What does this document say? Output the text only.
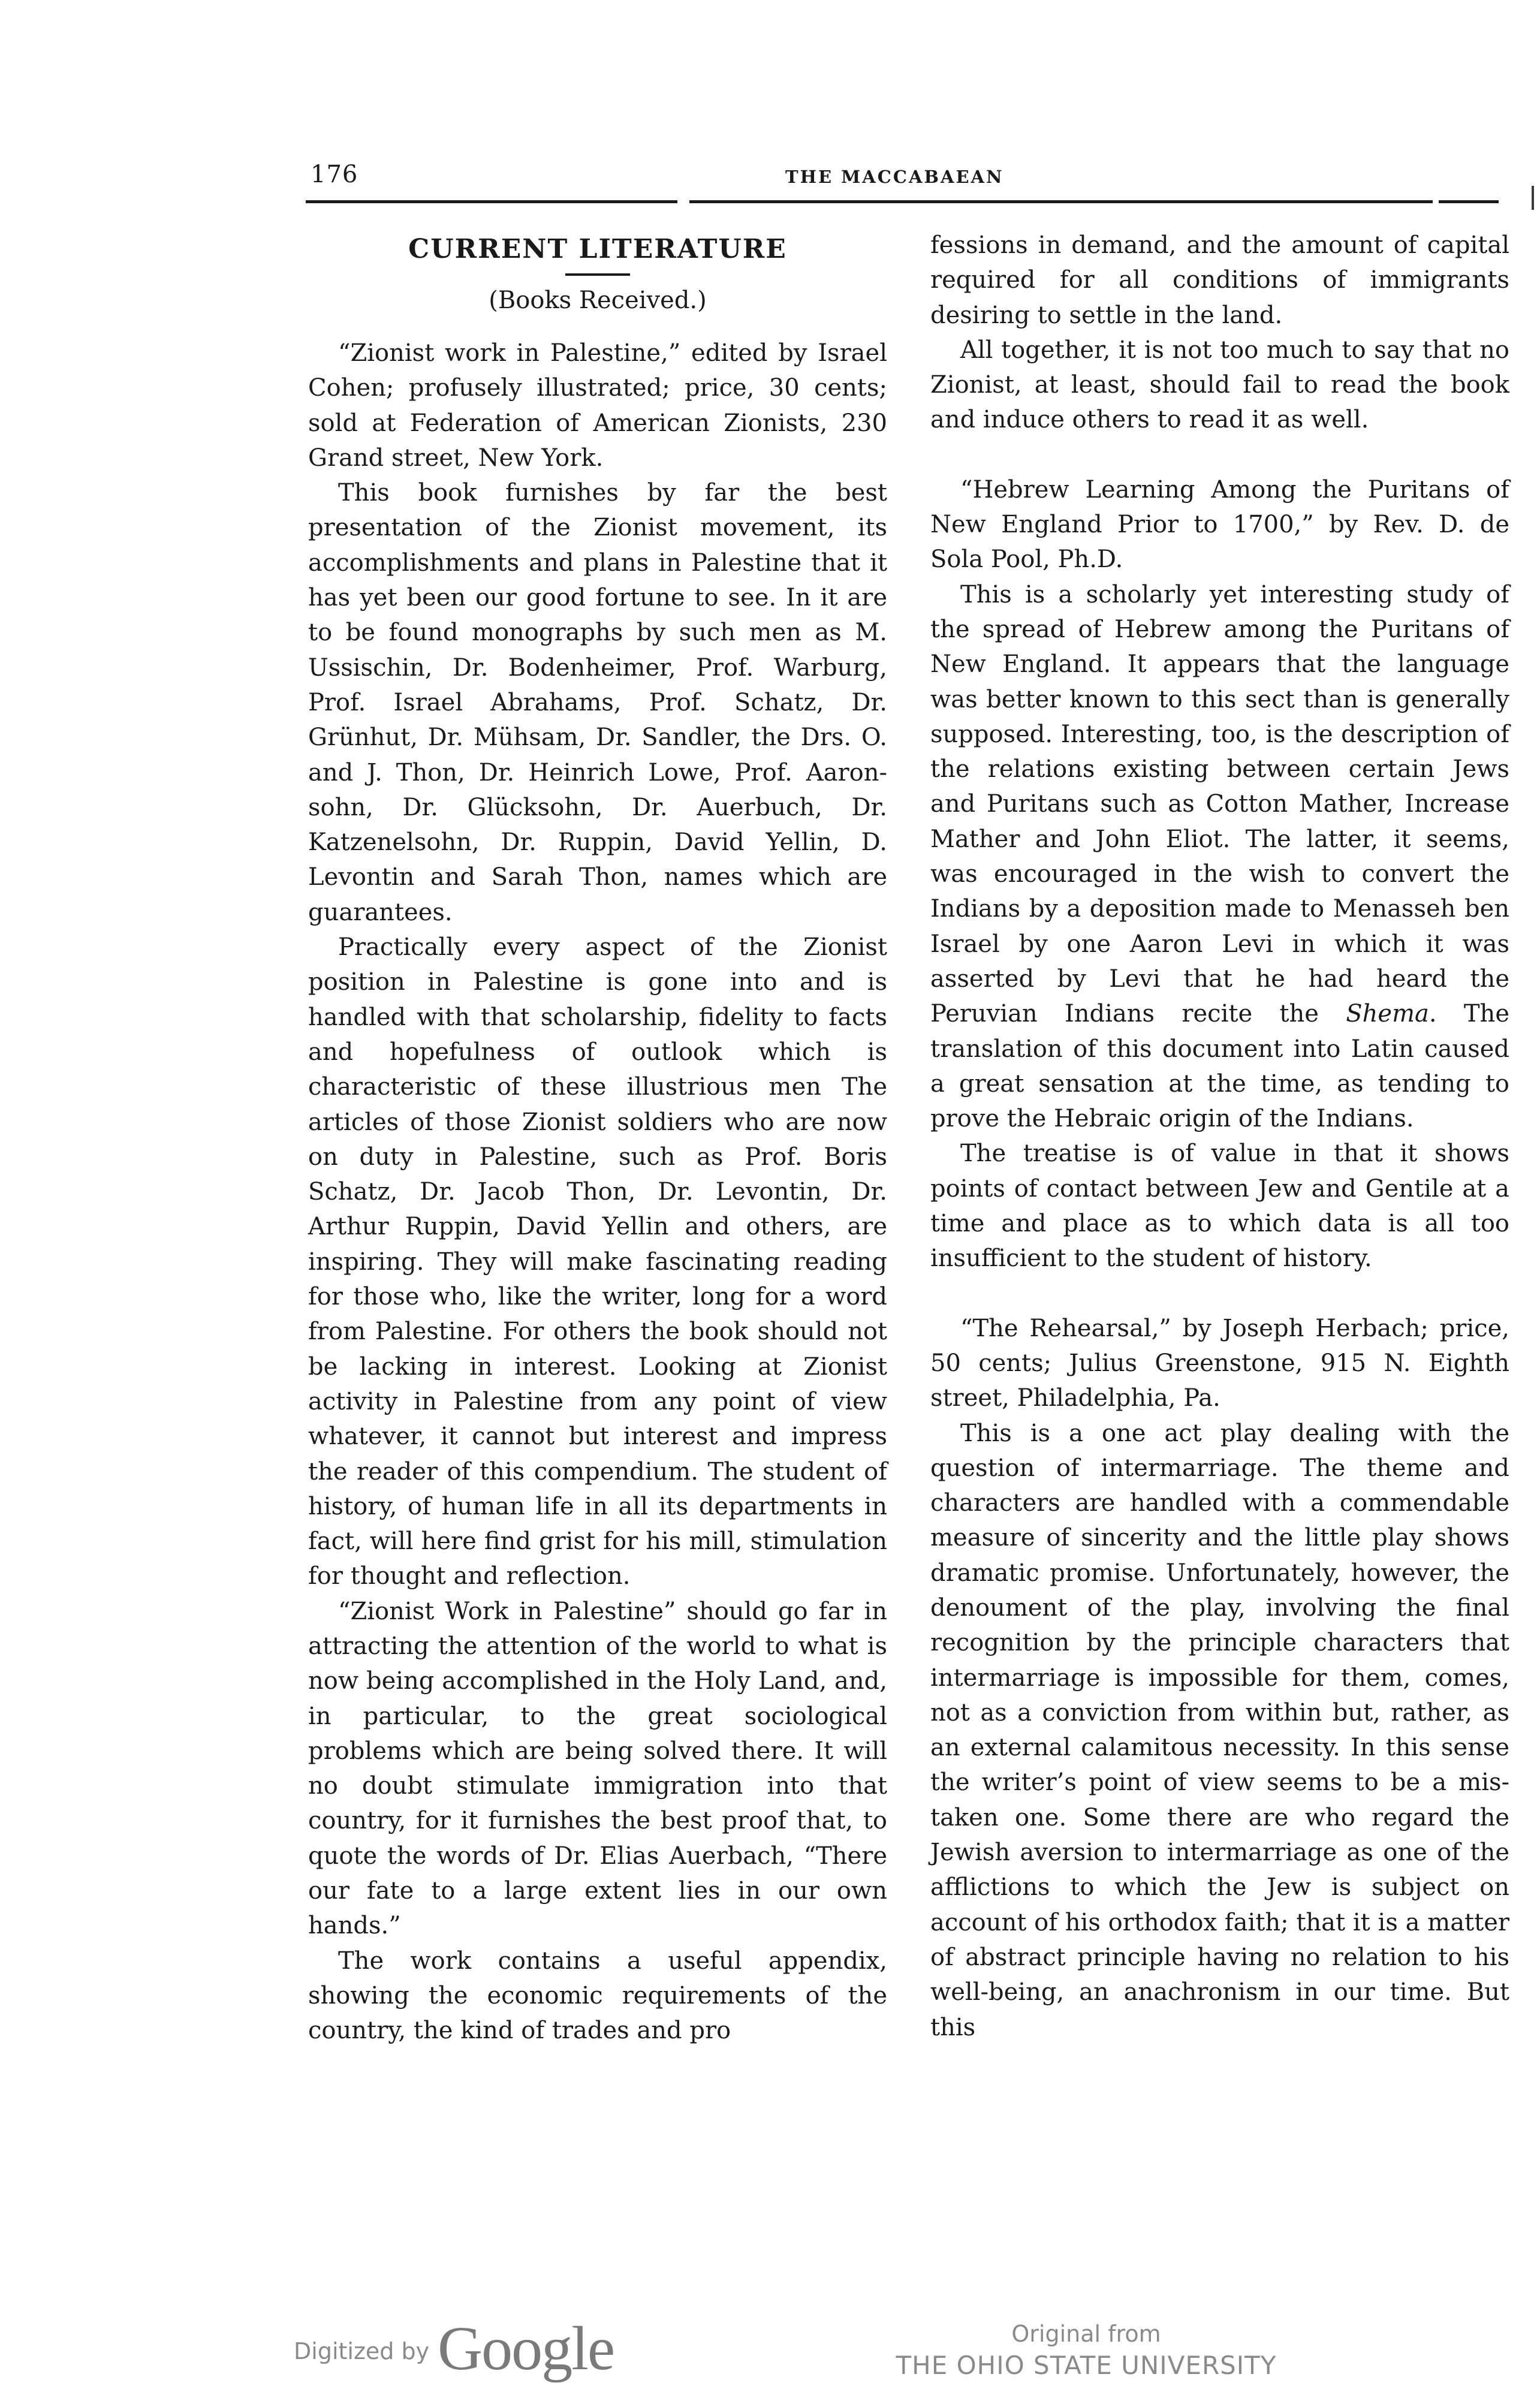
176	THE MACCABAEAN
CURRENT LITERATURE
(Books Received.)

“Zionist work in Palestine,” edited by Israel Cohen; profusely illustrated; price, 30 cents; sold at Federation of American Zionists, 230 Grand street, New York.

This book furnishes by far the best presentation of the Zionist movement, its accomplishments and plans in Palestine that it has yet been our good fortune to see. In it are to be found monographs by such men as M. Ussischin, Dr. Bodenheimer, Prof. Warburg, Prof. Israel Abrahams, Prof. Schatz, Dr. Grünhut, Dr. Mühsam, Dr. Sandler, the Drs. O. and J. Thon, Dr. Heinrich Lowe, Prof. Aaronsohn, Dr. Glücksohn, Dr. Auerbuch, Dr. Katzenelsohn, Dr. Ruppin, David Yellin, D. Levontin and Sarah Thon, names which are guarantees.

Practically every aspect of the Zionist position in Palestine is gone into and is handled with that scholarship, fidelity to facts and hopefulness of outlook which is characteristic of these illustrious men The articles of those Zionist soldiers who are now on duty in Palestine, such as Prof. Boris Schatz, Dr. Jacob Thon, Dr. Levontin, Dr. Arthur Ruppin, David Yellin and others, are inspiring. They will make fascinating reading for those who, like the writer, long for a word from Palestine. For others the book should not be lacking in interest. Looking at Zionist activity in Palestine from any point of view whatever, it cannot but interest and impress the reader of this compendium. The student of history, of human life in all its departments in fact, will here find grist for his mill, stimulation for thought and reflection.

“Zionist Work in Palestine” should go far in attracting the attention of the world to what is now being accomplished in the Holy Land, and, in particular, to the great sociological problems which are being solved there. It will no doubt stimulate immigration into that country, for it furnishes the best proof that, to quote the words of Dr. Elias Auerbach, “There our fate to a large extent lies in our own hands.”

The work contains a useful appendix, showing the economic requirements of the country, the kind of trades and pro

fessions in demand, and the amount of capital required for all conditions of immigrants desiring to settle in the land.

All together, it is not too much to say that no Zionist, at least, should fail to read the book and induce others to read it as well.

“Hebrew Learning Among the Puritans of New England Prior to 1700,” by Rev. D. de Sola Pool, Ph.D.

This is a scholarly yet interesting study of the spread of Hebrew among the Puritans of New England. It appears that the language was better known to this sect than is generally supposed. Interesting, too, is the description of the relations existing between certain Jews and Puritans such as Cotton Mather, Increase Mather and John Eliot. The latter, it seems, was encouraged in the wish to convert the Indians by a deposition made to Menasseh ben Israel by one Aaron Levi in which it was asserted by Levi that he had heard the Peruvian Indians recite the Shema. The translation of this document into Latin caused a great sensation at the time, as tending to prove the Hebraic origin of the Indians.

The treatise is of value in that it shows points of contact between Jew and Gentile at a time and place as to which data is all too insufficient to the student of history.

“The Rehearsal,” by Joseph Herbach; price, 50 cents; Julius Greenstone, 915 N. Eighth street, Philadelphia, Pa.

This is a one act play dealing with the question of intermarriage. The theme and characters are handled with a commendable measure of sincerity and the little play shows dramatic promise. Unfortunately, however, the denoument of the play, involving the final recognition by the principle characters that intermarriage is impossible for them, comes, not as a conviction from within but, rather, as an external calamitous necessity. In this sense the writer’s point of view seems to be a mistaken one. Some there are who regard the Jewish aversion to intermarriage as one of the afflictions to which the Jew is subject on account of his orthodox faith; that it is a matter of abstract principle having no relation to his well-being, an anachronism in our time. But this

Digitized by Google	Original from
THE OHIO STATE UNIVERSITY
